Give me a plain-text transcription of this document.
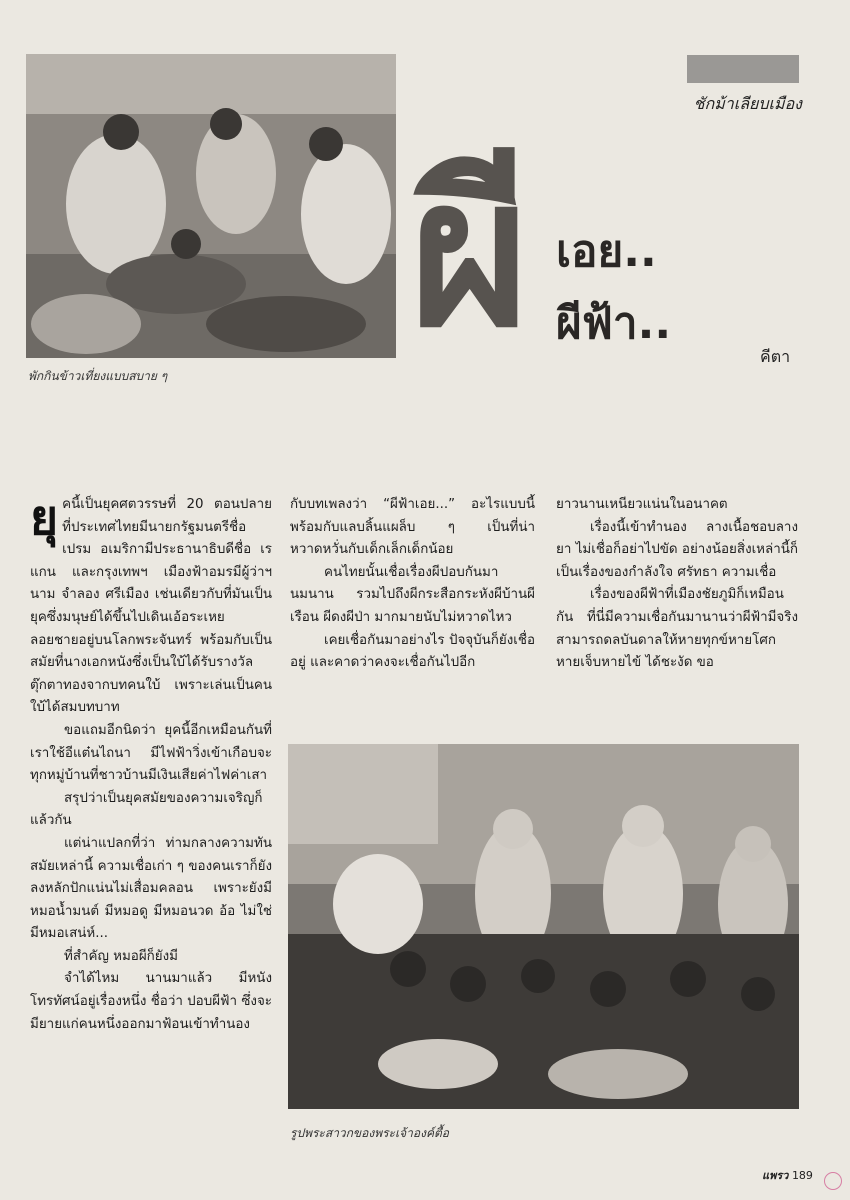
พักกินข้าวเที่ยงแบบสบาย ๆ
ชักม้าเลียบเมือง
ผี เอย..
ผีฟ้า..
คีตา

ยุคนี้เป็นยุคศตวรรษที่ 20 ตอนปลาย ที่ประเทศไทยมีนายกรัฐมนตรีชื่อ เปรม อเมริกามีประธานาธิบดีชื่อ เรแกน และกรุงเทพฯ เมืองฟ้าอมรมีผู้ว่าฯ นาม จำลอง ศรีเมือง เช่นเดียวกับที่มันเป็นยุคซึ่งมนุษย์ได้ขึ้นไปเดินเอ้อระเหยลอยชายอยู่บนโลกพระจันทร์ พร้อมกับเป็นสมัยที่นางเอกหนังซึ่งเป็นใบ้ได้รับรางวัลตุ๊กตาทองจากบทคนใบ้ เพราะเล่นเป็นคนใบ้ได้สมบทบาท

ขอแถมอีกนิดว่า ยุคนี้อีกเหมือนกันที่เราใช้อีแต๋นไถนา มีไฟฟ้าวิ่งเข้าเกือบจะทุกหมู่บ้านที่ชาวบ้านมีเงินเสียค่าไฟค่าเสา

สรุปว่าเป็นยุคสมัยของความเจริญก็แล้วกัน

แต่น่าแปลกที่ว่า ท่ามกลางความทันสมัยเหล่านี้ ความเชื่อเก่า ๆ ของคนเราก็ยังลงหลักปักแน่นไม่เสื่อมคลอน เพราะยังมีหมอน้ำมนต์ มีหมอดู มีหมอนวด อ้อ ไม่ใช่ มีหมอเสน่ห์...

ที่สำคัญ หมอผีก็ยังมี

จำได้ไหม นานมาแล้ว มีหนังโทรทัศน์อยู่เรื่องหนึ่ง ชื่อว่า ปอบผีฟ้า ซึ่งจะมียายแก่คนหนึ่งออกมาฟ้อนเข้าทำนอง

กับบทเพลงว่า “ผีฟ้าเอย...” อะไรแบบนี้ พร้อมกับแลบลิ้นแผล็บ ๆ เป็นที่น่าหวาดหวั่นกับเด็กเล็กเด็กน้อย

คนไทยนั้นเชื่อเรื่องผีปอบกันมานมนาน รวมไปถึงผีกระสือกระหังผีบ้านผีเรือน ผีดงผีป่า มากมายนับไม่หวาดไหว

เคยเชื่อกันมาอย่างไร ปัจจุบันก็ยังเชื่ออยู่ และคาดว่าคงจะเชื่อกันไปอีก

ยาวนานเหนียวแน่นในอนาคต

เรื่องนี้เข้าทำนอง ลางเนื้อชอบลางยา ไม่เชื่อก็อย่าไปขัด อย่างน้อยสิ่งเหล่านี้ก็เป็นเรื่องของกำลังใจ ศรัทธา ความเชื่อ

เรื่องของผีฟ้าที่เมืองชัยภูมิก็เหมือนกัน ที่นี่มีความเชื่อกันมานานว่าผีฟ้ามีจริง สามารถดลบันดาลให้หายทุกข์หายโศก หายเจ็บหายไข้ ได้ชะงัด ขอ

รูปพระสาวกของพระเจ้าองค์ตื้อ
แพรว 189
